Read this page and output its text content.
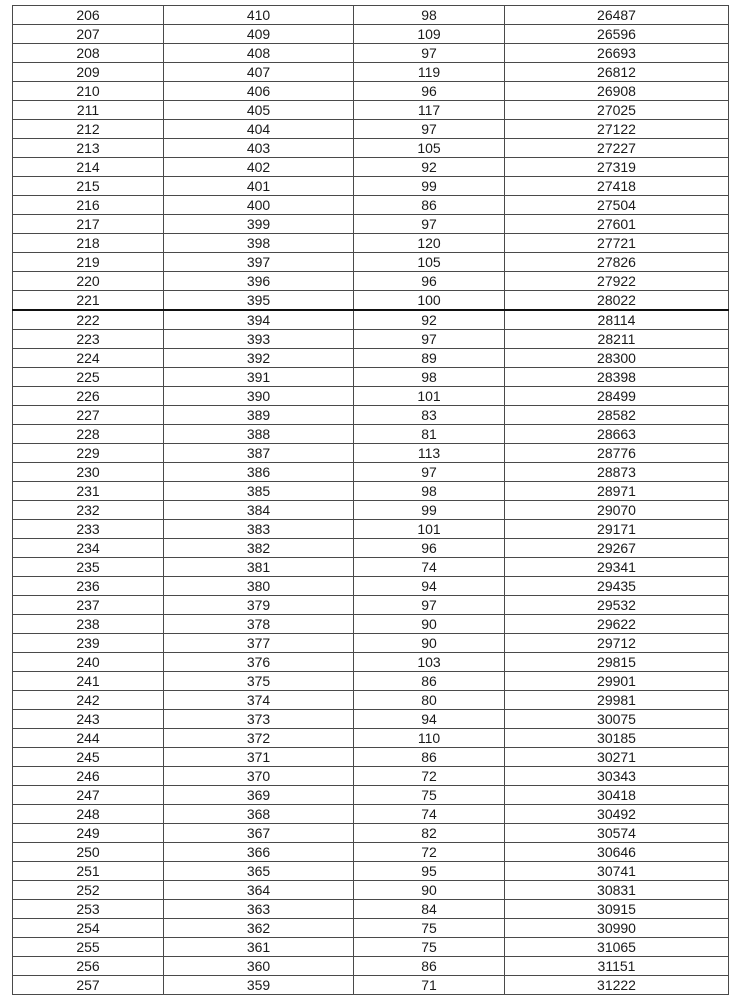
206	410	98	26487
207	409	109	26596
208	408	97	26693
209	407	119	26812
210	406	96	26908
211	405	117	27025
212	404	97	27122
213	403	105	27227
214	402	92	27319
215	401	99	27418
216	400	86	27504
217	399	97	27601
218	398	120	27721
219	397	105	27826
220	396	96	27922
221	395	100	28022
222	394	92	28114
223	393	97	28211
224	392	89	28300
225	391	98	28398
226	390	101	28499
227	389	83	28582
228	388	81	28663
229	387	113	28776
230	386	97	28873
231	385	98	28971
232	384	99	29070
233	383	101	29171
234	382	96	29267
235	381	74	29341
236	380	94	29435
237	379	97	29532
238	378	90	29622
239	377	90	29712
240	376	103	29815
241	375	86	29901
242	374	80	29981
243	373	94	30075
244	372	110	30185
245	371	86	30271
246	370	72	30343
247	369	75	30418
248	368	74	30492
249	367	82	30574
250	366	72	30646
251	365	95	30741
252	364	90	30831
253	363	84	30915
254	362	75	30990
255	361	75	31065
256	360	86	31151
257	359	71	31222
